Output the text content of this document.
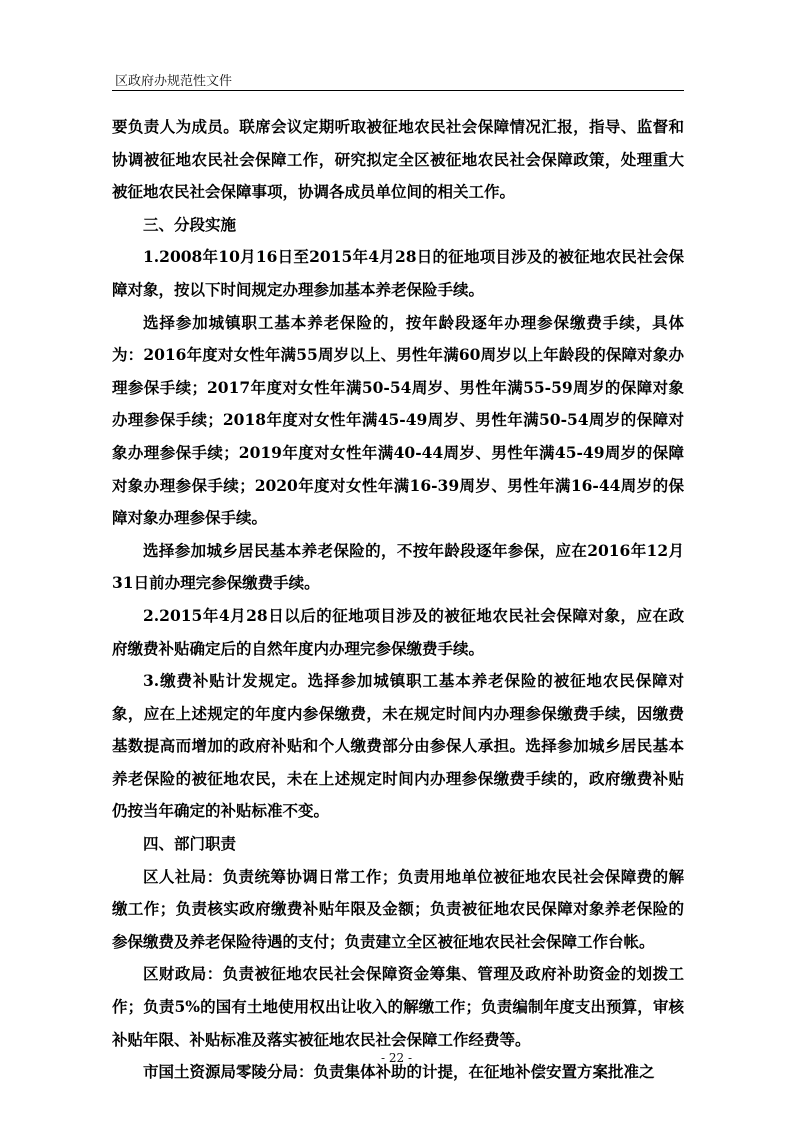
区政府办规范性文件

要负责人为成员。联席会议定期听取被征地农民社会保障情况汇报，指导、监督和协调被征地农民社会保障工作，研究拟定全区被征地农民社会保障政策，处理重大被征地农民社会保障事项，协调各成员单位间的相关工作。

三、分段实施

1.2008年10月16日至2015年4月28日的征地项目涉及的被征地农民社会保障对象，按以下时间规定办理参加基本养老保险手续。

选择参加城镇职工基本养老保险的，按年龄段逐年办理参保缴费手续，具体为：2016年度对女性年满55周岁以上、男性年满60周岁以上年龄段的保障对象办理参保手续；2017年度对女性年满50-54周岁、男性年满55-59周岁的保障对象办理参保手续；2018年度对女性年满45-49周岁、男性年满50-54周岁的保障对象办理参保手续；2019年度对女性年满40-44周岁、男性年满45-49周岁的保障对象办理参保手续；2020年度对女性年满16-39周岁、男性年满16-44周岁的保障对象办理参保手续。

选择参加城乡居民基本养老保险的，不按年龄段逐年参保，应在2016年12月31日前办理完参保缴费手续。

2.2015年4月28日以后的征地项目涉及的被征地农民社会保障对象，应在政府缴费补贴确定后的自然年度内办理完参保缴费手续。

3.缴费补贴计发规定。选择参加城镇职工基本养老保险的被征地农民保障对象，应在上述规定的年度内参保缴费，未在规定时间内办理参保缴费手续，因缴费基数提高而增加的政府补贴和个人缴费部分由参保人承担。选择参加城乡居民基本养老保险的被征地农民，未在上述规定时间内办理参保缴费手续的，政府缴费补贴仍按当年确定的补贴标准不变。

四、部门职责

区人社局：负责统筹协调日常工作；负责用地单位被征地农民社会保障费的解缴工作；负责核实政府缴费补贴年限及金额；负责被征地农民保障对象养老保险的参保缴费及养老保险待遇的支付；负责建立全区被征地农民社会保障工作台帐。

区财政局：负责被征地农民社会保障资金筹集、管理及政府补助资金的划拨工作；负责5%的国有土地使用权出让收入的解缴工作；负责编制年度支出预算，审核补贴年限、补贴标准及落实被征地农民社会保障工作经费等。

市国土资源局零陵分局：负责集体补助的计提，在征地补偿安置方案批准之

- 22 -
